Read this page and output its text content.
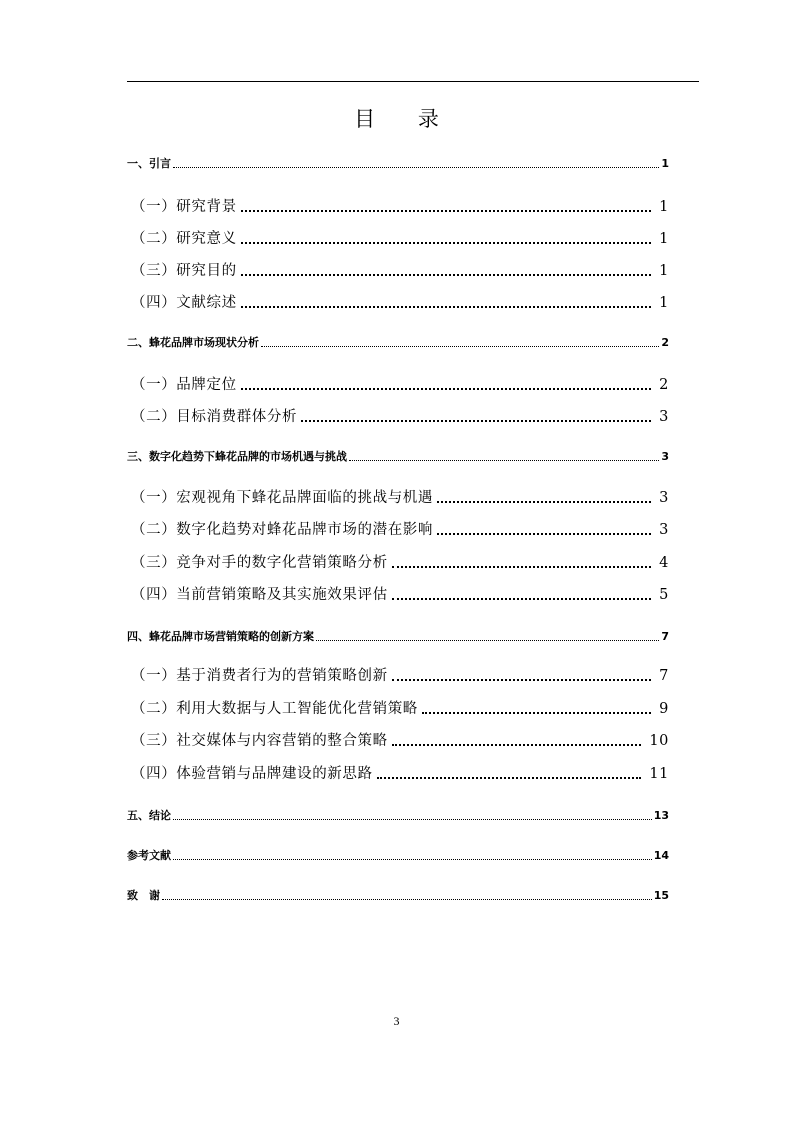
目 录
一、引言	1
（一）研究背景	1
（二）研究意义	1
（三）研究目的	1
（四）文献综述	1
二、蜂花品牌市场现状分析	2
（一）品牌定位	2
（二）目标消费群体分析	3
三、数字化趋势下蜂花品牌的市场机遇与挑战	3
（一）宏观视角下蜂花品牌面临的挑战与机遇	3
（二）数字化趋势对蜂花品牌市场的潜在影响	3
（三）竞争对手的数字化营销策略分析	4
（四）当前营销策略及其实施效果评估	5
四、蜂花品牌市场营销策略的创新方案	7
（一）基于消费者行为的营销策略创新	7
（二）利用大数据与人工智能优化营销策略	9
（三）社交媒体与内容营销的整合策略	10
（四）体验营销与品牌建设的新思路	11
五、结论	13
参考文献	14
致　谢	15
3
